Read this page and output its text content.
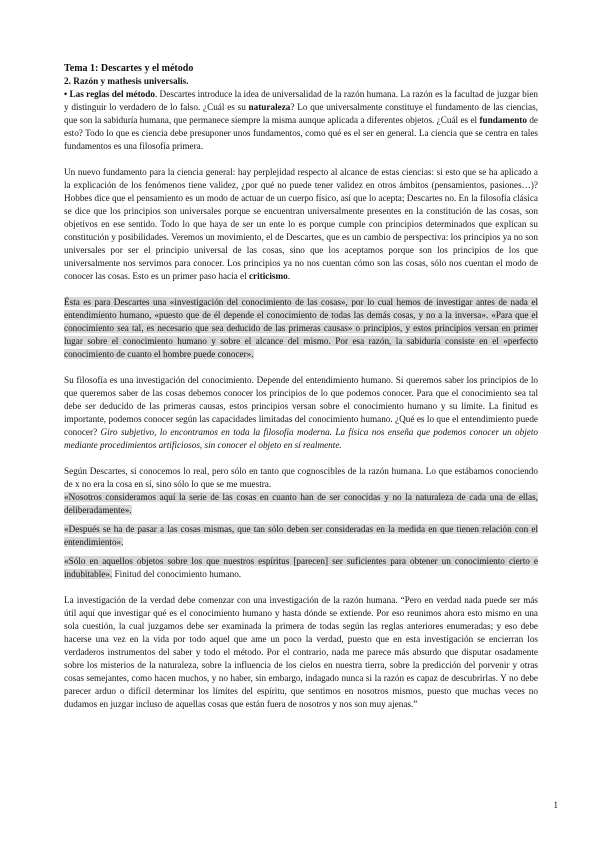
Tema 1: Descartes y el método

2. Razón y mathesis universalis.

• Las reglas del método. Descartes introduce la idea de universalidad de la razón humana. La razón es la facultad de juzgar bien y distinguir lo verdadero de lo falso. ¿Cuál es su naturaleza? Lo que universalmente constituye el fundamento de las ciencias, que son la sabiduría humana, que permanece siempre la misma aunque aplicada a diferentes objetos. ¿Cuál es el fundamento de esto? Todo lo que es ciencia debe presuponer unos fundamentos, como qué es el ser en general. La ciencia que se centra en tales fundamentos es una filosofía primera.

Un nuevo fundamento para la ciencia general: hay perplejidad respecto al alcance de estas ciencias: si esto que se ha aplicado a la explicación de los fenómenos tiene validez, ¿por qué no puede tener validez en otros ámbitos (pensamientos, pasiones…)? Hobbes dice que el pensamiento es un modo de actuar de un cuerpo físico, así que lo acepta; Descartes no. En la filosofía clásica se dice que los principios son universales porque se encuentran universalmente presentes en la constitución de las cosas, son objetivos en ese sentido. Todo lo que haya de ser un ente lo es porque cumple con principios determinados que explican su constitución y posibilidades. Veremos un movimiento, el de Descartes, que es un cambio de perspectiva: los principios ya no son universales por ser el principio universal de las cosas, sino que los aceptamos porque son los principios de los que universalmente nos servimos para conocer. Los principios ya no nos cuentan cómo son las cosas, sólo nos cuentan el modo de conocer las cosas. Esto es un primer paso hacia el criticismo.

Ésta es para Descartes una «investigación del conocimiento de las cosas», por lo cual hemos de investigar antes de nada el entendimiento humano, «puesto que de él depende el conocimiento de todas las demás cosas, y no a la inversa». «Para que el conocimiento sea tal, es necesario que sea deducido de las primeras causas» o principios, y estos principios versan en primer lugar sobre el conocimiento humano y sobre el alcance del mismo. Por esa razón, la sabiduría consiste en el «perfecto conocimiento de cuanto el hombre puede conocer».

Su filosofía es una investigación del conocimiento. Depende del entendimiento humano. Si queremos saber los principios de lo que queremos saber de las cosas debemos conocer los principios de lo que podemos conocer. Para que el conocimiento sea tal debe ser deducido de las primeras causas, estos principios versan sobre el conocimiento humano y su límite. La finitud es importante, podemos conocer según las capacidades limitadas del conocimiento humano. ¿Qué es lo que el entendimiento puede conocer? Giro subjetivo, lo encontramos en toda la filosofía moderna. La física nos enseña que podemos conocer un objeto mediante procedimientos artificiosos, sin conocer el objeto en sí realmente.

Según Descartes, sí conocemos lo real, pero sólo en tanto que cognoscibles de la razón humana. Lo que estábamos conociendo de x no era la cosa en sí, sino sólo lo que se me muestra.

«Nosotros consideramos aquí la serie de las cosas en cuanto han de ser conocidas y no la naturaleza de cada una de ellas, deliberadamente».

«Después se ha de pasar a las cosas mismas, que tan sólo deben ser consideradas en la medida en que tienen relación con el entendimiento».

«Sólo en aquellos objetos sobre los que nuestros espíritus [parecen] ser suficientes para obtener un conocimiento cierto e indubitable». Finitud del conocimiento humano.

La investigación de la verdad debe comenzar con una investigación de la razón humana. “Pero en verdad nada puede ser más útil aquí que investigar qué es el conocimiento humano y hasta dónde se extiende. Por eso reunimos ahora esto mismo en una sola cuestión, la cual juzgamos debe ser examinada la primera de todas según las reglas anteriores enumeradas; y eso debe hacerse una vez en la vida por todo aquel que ame un poco la verdad, puesto que en esta investigación se encierran los verdaderos instrumentos del saber y todo el método. Por el contrario, nada me parece más absurdo que disputar osadamente sobre los misterios de la naturaleza, sobre la influencia de los cielos en nuestra tierra, sobre la predicción del porvenir y otras cosas semejantes, como hacen muchos, y no haber, sin embargo, indagado nunca si la razón es capaz de descubrirlas. Y no debe parecer arduo o difícil determinar los límites del espíritu, que sentimos en nosotros mismos, puesto que muchas veces no dudamos en juzgar incluso de aquellas cosas que están fuera de nosotros y nos son muy ajenas.”

1
